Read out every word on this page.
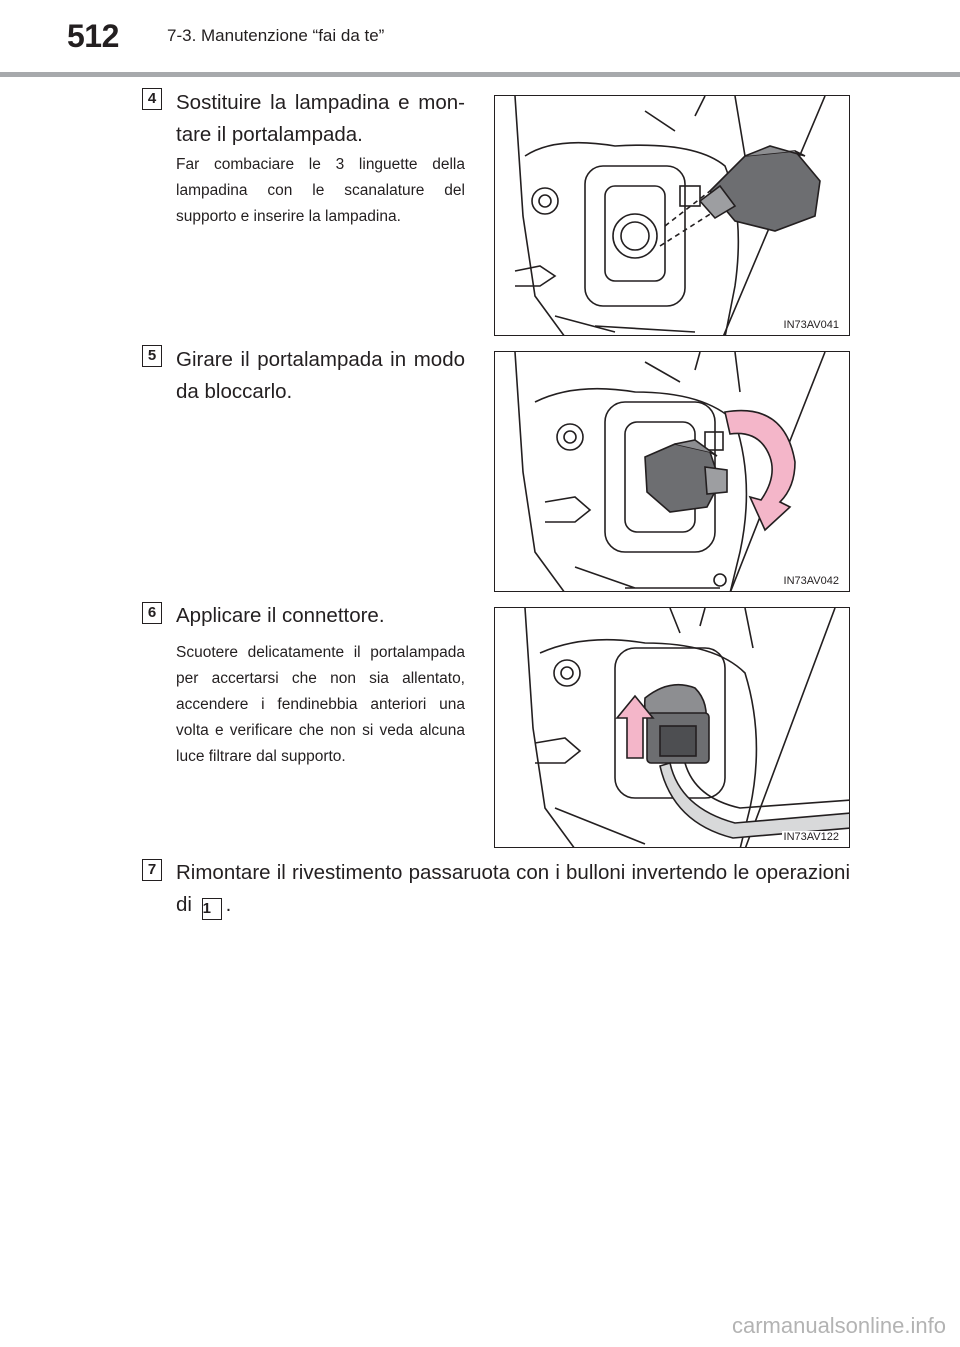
512	7-3. Manutenzione “fai da te”
4 Sostituire la lampadina e montare il portalampada.
Far combaciare le 3 linguette della lampadina con le scanalature del supporto e inserire la lampadina.
IN73AV041
5 Girare il portalampada in modo da bloccarlo.
IN73AV042
6 Applicare il connettore.
Scuotere delicatamente il portalampada per accertarsi che non sia allentato, accendere i fendinebbia anteriori una volta e verificare che non si veda alcuna luce filtrare dal supporto.
IN73AV122
7 Rimontare il rivestimento passaruota con i bulloni invertendo le operazioni di 1 .
carmanualsonline.info
